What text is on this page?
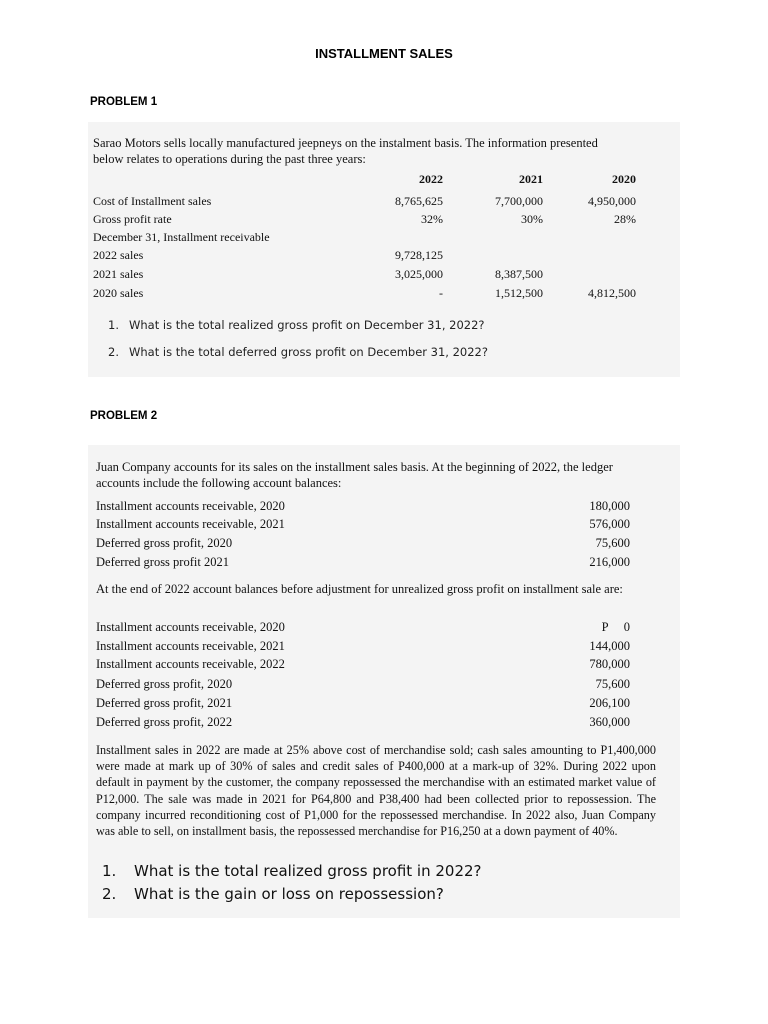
INSTALLMENT SALES
PROBLEM 1
Sarao Motors sells locally manufactured jeepneys on the instalment basis. The information presented below relates to operations during the past three years:
2022	2021	2020
Cost of Installment sales	8,765,625	7,700,000	4,950,000
Gross profit rate	32%	30%	28%
December 31, Installment receivable
2022 sales	9,728,125
2021 sales	3,025,000	8,387,500
2020 sales	-	1,512,500	4,812,500
1. What is the total realized gross profit on December 31, 2022?
2. What is the total deferred gross profit on December 31, 2022?
PROBLEM 2
Juan Company accounts for its sales on the installment sales basis. At the beginning of 2022, the ledger accounts include the following account balances:
Installment accounts receivable, 2020	180,000
Installment accounts receivable, 2021	576,000
Deferred gross profit, 2020	75,600
Deferred gross profit 2021	216,000
At the end of 2022 account balances before adjustment for unrealized gross profit on installment sale are:
Installment accounts receivable, 2020	P     0
Installment accounts receivable, 2021	144,000
Installment accounts receivable, 2022	780,000
Deferred gross profit, 2020	75,600
Deferred gross profit, 2021	206,100
Deferred gross profit, 2022	360,000
Installment sales in 2022 are made at 25% above cost of merchandise sold; cash sales amounting to P1,400,000 were made at mark up of 30% of sales and credit sales of P400,000 at a mark-up of 32%. During 2022 upon default in payment by the customer, the company repossessed the merchandise with an estimated market value of P12,000. The sale was made in 2021 for P64,800 and P38,400 had been collected prior to repossession. The company incurred reconditioning cost of P1,000 for the repossessed merchandise. In 2022 also, Juan Company was able to sell, on installment basis, the repossessed merchandise for P16,250 at a down payment of 40%.
1. What is the total realized gross profit in 2022?
2. What is the gain or loss on repossession?
